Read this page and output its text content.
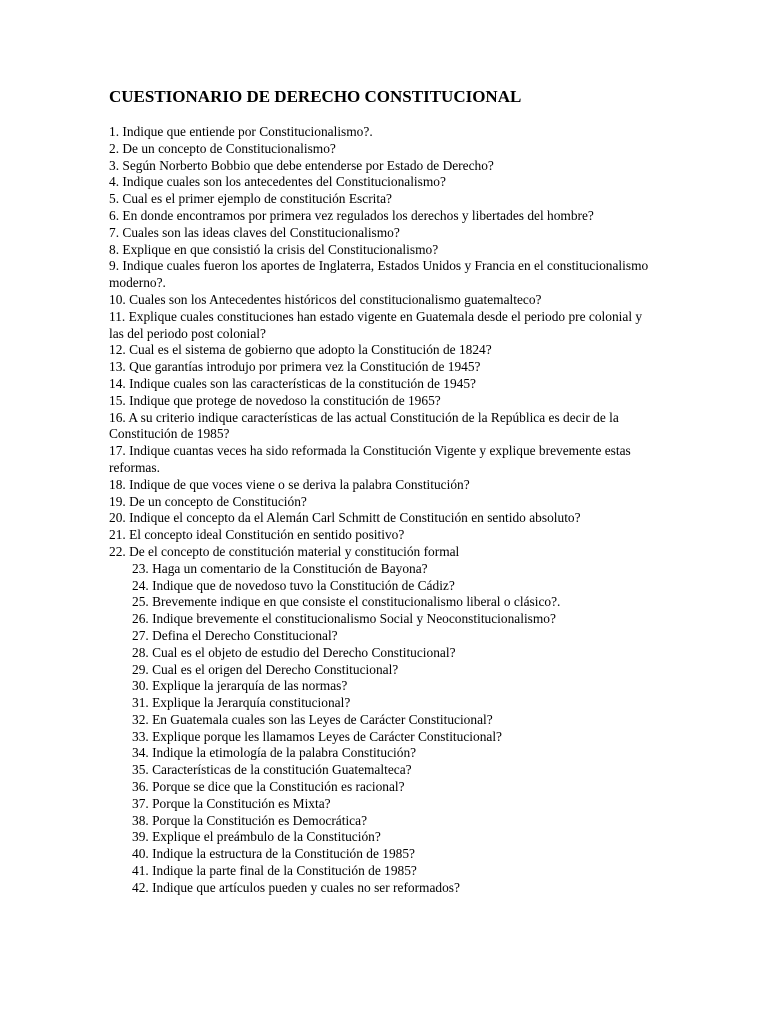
CUESTIONARIO DE DERECHO CONSTITUCIONAL
1. Indique que entiende por Constitucionalismo?.
2. De un concepto de Constitucionalismo?
3. Según Norberto Bobbio que debe entenderse por Estado de Derecho?
4. Indique cuales son los antecedentes del Constitucionalismo?
5. Cual es el primer ejemplo de constitución Escrita?
6. En donde encontramos por primera vez regulados los derechos y libertades del hombre?
7. Cuales son las ideas claves del Constitucionalismo?
8. Explique en que consistió la crisis del Constitucionalismo?
9. Indique cuales fueron los aportes de Inglaterra, Estados Unidos y Francia en el constitucionalismo moderno?.
10. Cuales son los Antecedentes históricos del constitucionalismo guatemalteco?
11. Explique cuales constituciones han estado vigente en Guatemala desde el periodo pre colonial y las del periodo post colonial?
12. Cual es el sistema de gobierno que adopto la Constitución de 1824?
13. Que garantías introdujo por primera vez la Constitución de 1945?
14. Indique cuales son las características de la constitución de 1945?
15. Indique que protege de novedoso la constitución de 1965?
16. A su criterio indique características de las actual Constitución de la República es decir de la Constitución de 1985?
17. Indique cuantas veces ha sido reformada la Constitución Vigente y explique brevemente estas reformas.
18. Indique de que voces viene o se deriva la palabra Constitución?
19. De un concepto de Constitución?
20. Indique el concepto da el Alemán Carl Schmitt de Constitución en sentido absoluto?
21. El concepto ideal Constitución en sentido positivo?
22. De el concepto de constitución material y constitución formal
23. Haga un comentario de la Constitución de Bayona?
24. Indique que de novedoso tuvo la Constitución de Cádiz?
25. Brevemente indique en que consiste el constitucionalismo liberal o clásico?.
26. Indique brevemente el constitucionalismo Social y Neoconstitucionalismo?
27. Defina el Derecho Constitucional?
28. Cual es el objeto de estudio del Derecho Constitucional?
29. Cual es el origen del Derecho Constitucional?
30. Explique la jerarquía de las normas?
31. Explique la Jerarquía constitucional?
32. En Guatemala cuales son las Leyes de Carácter Constitucional?
33. Explique porque les llamamos Leyes de Carácter Constitucional?
34. Indique la etimología de la palabra Constitución?
35. Características de la constitución Guatemalteca?
36. Porque se dice que la Constitución es racional?
37. Porque la Constitución es Mixta?
38. Porque la Constitución es Democrática?
39. Explique el preámbulo de la Constitución?
40. Indique la estructura de la Constitución de 1985?
41. Indique la parte final de la Constitución de 1985?
42. Indique que artículos pueden y cuales no ser reformados?
